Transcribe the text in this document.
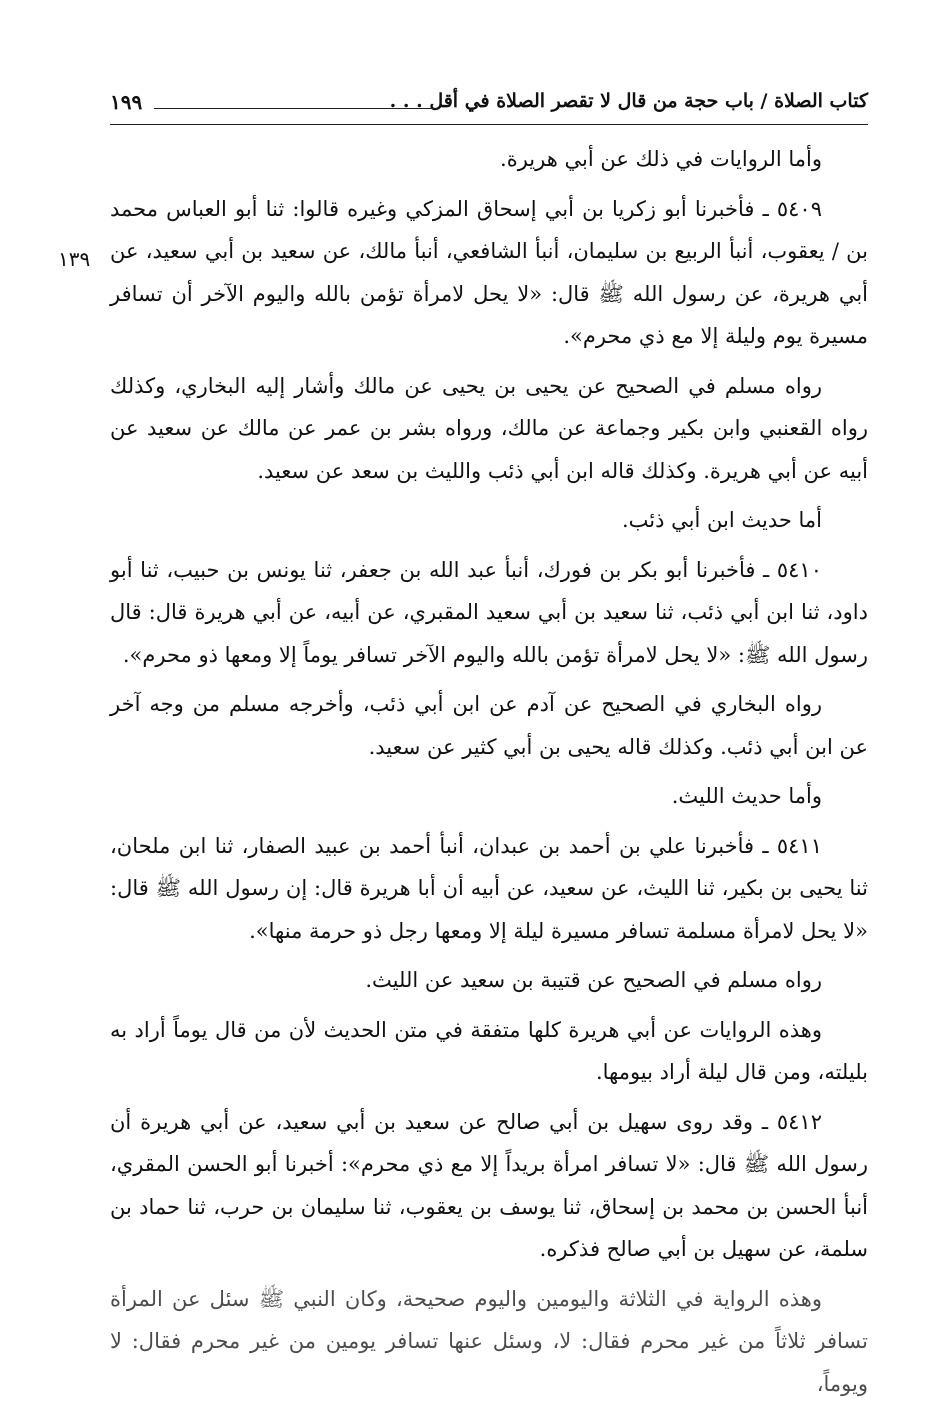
كتاب الصلاة / باب حجة من قال لا تقصر الصلاة في أقل . . .
١٩٩
١٣٩

وأما الروايات في ذلك عن أبي هريرة.

٥٤٠٩ ـ فأخبرنا أبو زكريا بن أبي إسحاق المزكي وغيره قالوا: ثنا أبو العباس محمد بن / يعقوب، أنبأ الربيع بن سليمان، أنبأ الشافعي، أنبأ مالك، عن سعيد بن أبي سعيد، عن أبي هريرة، عن رسول الله ﷺ قال: «لا يحل لامرأة تؤمن بالله واليوم الآخر أن تسافر مسيرة يوم وليلة إلا مع ذي محرم».

رواه مسلم في الصحيح عن يحيى بن يحيى عن مالك وأشار إليه البخاري، وكذلك رواه القعنبي وابن بكير وجماعة عن مالك، ورواه بشر بن عمر عن مالك عن سعيد عن أبيه عن أبي هريرة. وكذلك قاله ابن أبي ذئب والليث بن سعد عن سعيد.

أما حديث ابن أبي ذئب.

٥٤١٠ ـ فأخبرنا أبو بكر بن فورك، أنبأ عبد الله بن جعفر، ثنا يونس بن حبيب، ثنا أبو داود، ثنا ابن أبي ذئب، ثنا سعيد بن أبي سعيد المقبري، عن أبيه، عن أبي هريرة قال: قال رسول الله ﷺ: «لا يحل لامرأة تؤمن بالله واليوم الآخر تسافر يوماً إلا ومعها ذو محرم».

رواه البخاري في الصحيح عن آدم عن ابن أبي ذئب، وأخرجه مسلم من وجه آخر عن ابن أبي ذئب. وكذلك قاله يحيى بن أبي كثير عن سعيد.

وأما حديث الليث.

٥٤١١ ـ فأخبرنا علي بن أحمد بن عبدان، أنبأ أحمد بن عبيد الصفار، ثنا ابن ملحان، ثنا يحيى بن بكير، ثنا الليث، عن سعيد، عن أبيه أن أبا هريرة قال: إن رسول الله ﷺ قال: «لا يحل لامرأة مسلمة تسافر مسيرة ليلة إلا ومعها رجل ذو حرمة منها».

رواه مسلم في الصحيح عن قتيبة بن سعيد عن الليث.

وهذه الروايات عن أبي هريرة كلها متفقة في متن الحديث لأن من قال يوماً أراد به بليلته، ومن قال ليلة أراد بيومها.

٥٤١٢ ـ وقد روى سهيل بن أبي صالح عن سعيد بن أبي سعيد، عن أبي هريرة أن رسول الله ﷺ قال: «لا تسافر امرأة بريداً إلا مع ذي محرم»: أخبرنا أبو الحسن المقري، أنبأ الحسن بن محمد بن إسحاق، ثنا يوسف بن يعقوب، ثنا سليمان بن حرب، ثنا حماد بن سلمة، عن سهيل بن أبي صالح فذكره.

وهذه الرواية في الثلاثة واليومين واليوم صحيحة، وكان النبي ﷺ سئل عن المرأة تسافر ثلاثاً من غير محرم فقال: لا، وسئل عنها تسافر يومين من غير محرم فقال: لا ويوماً،
